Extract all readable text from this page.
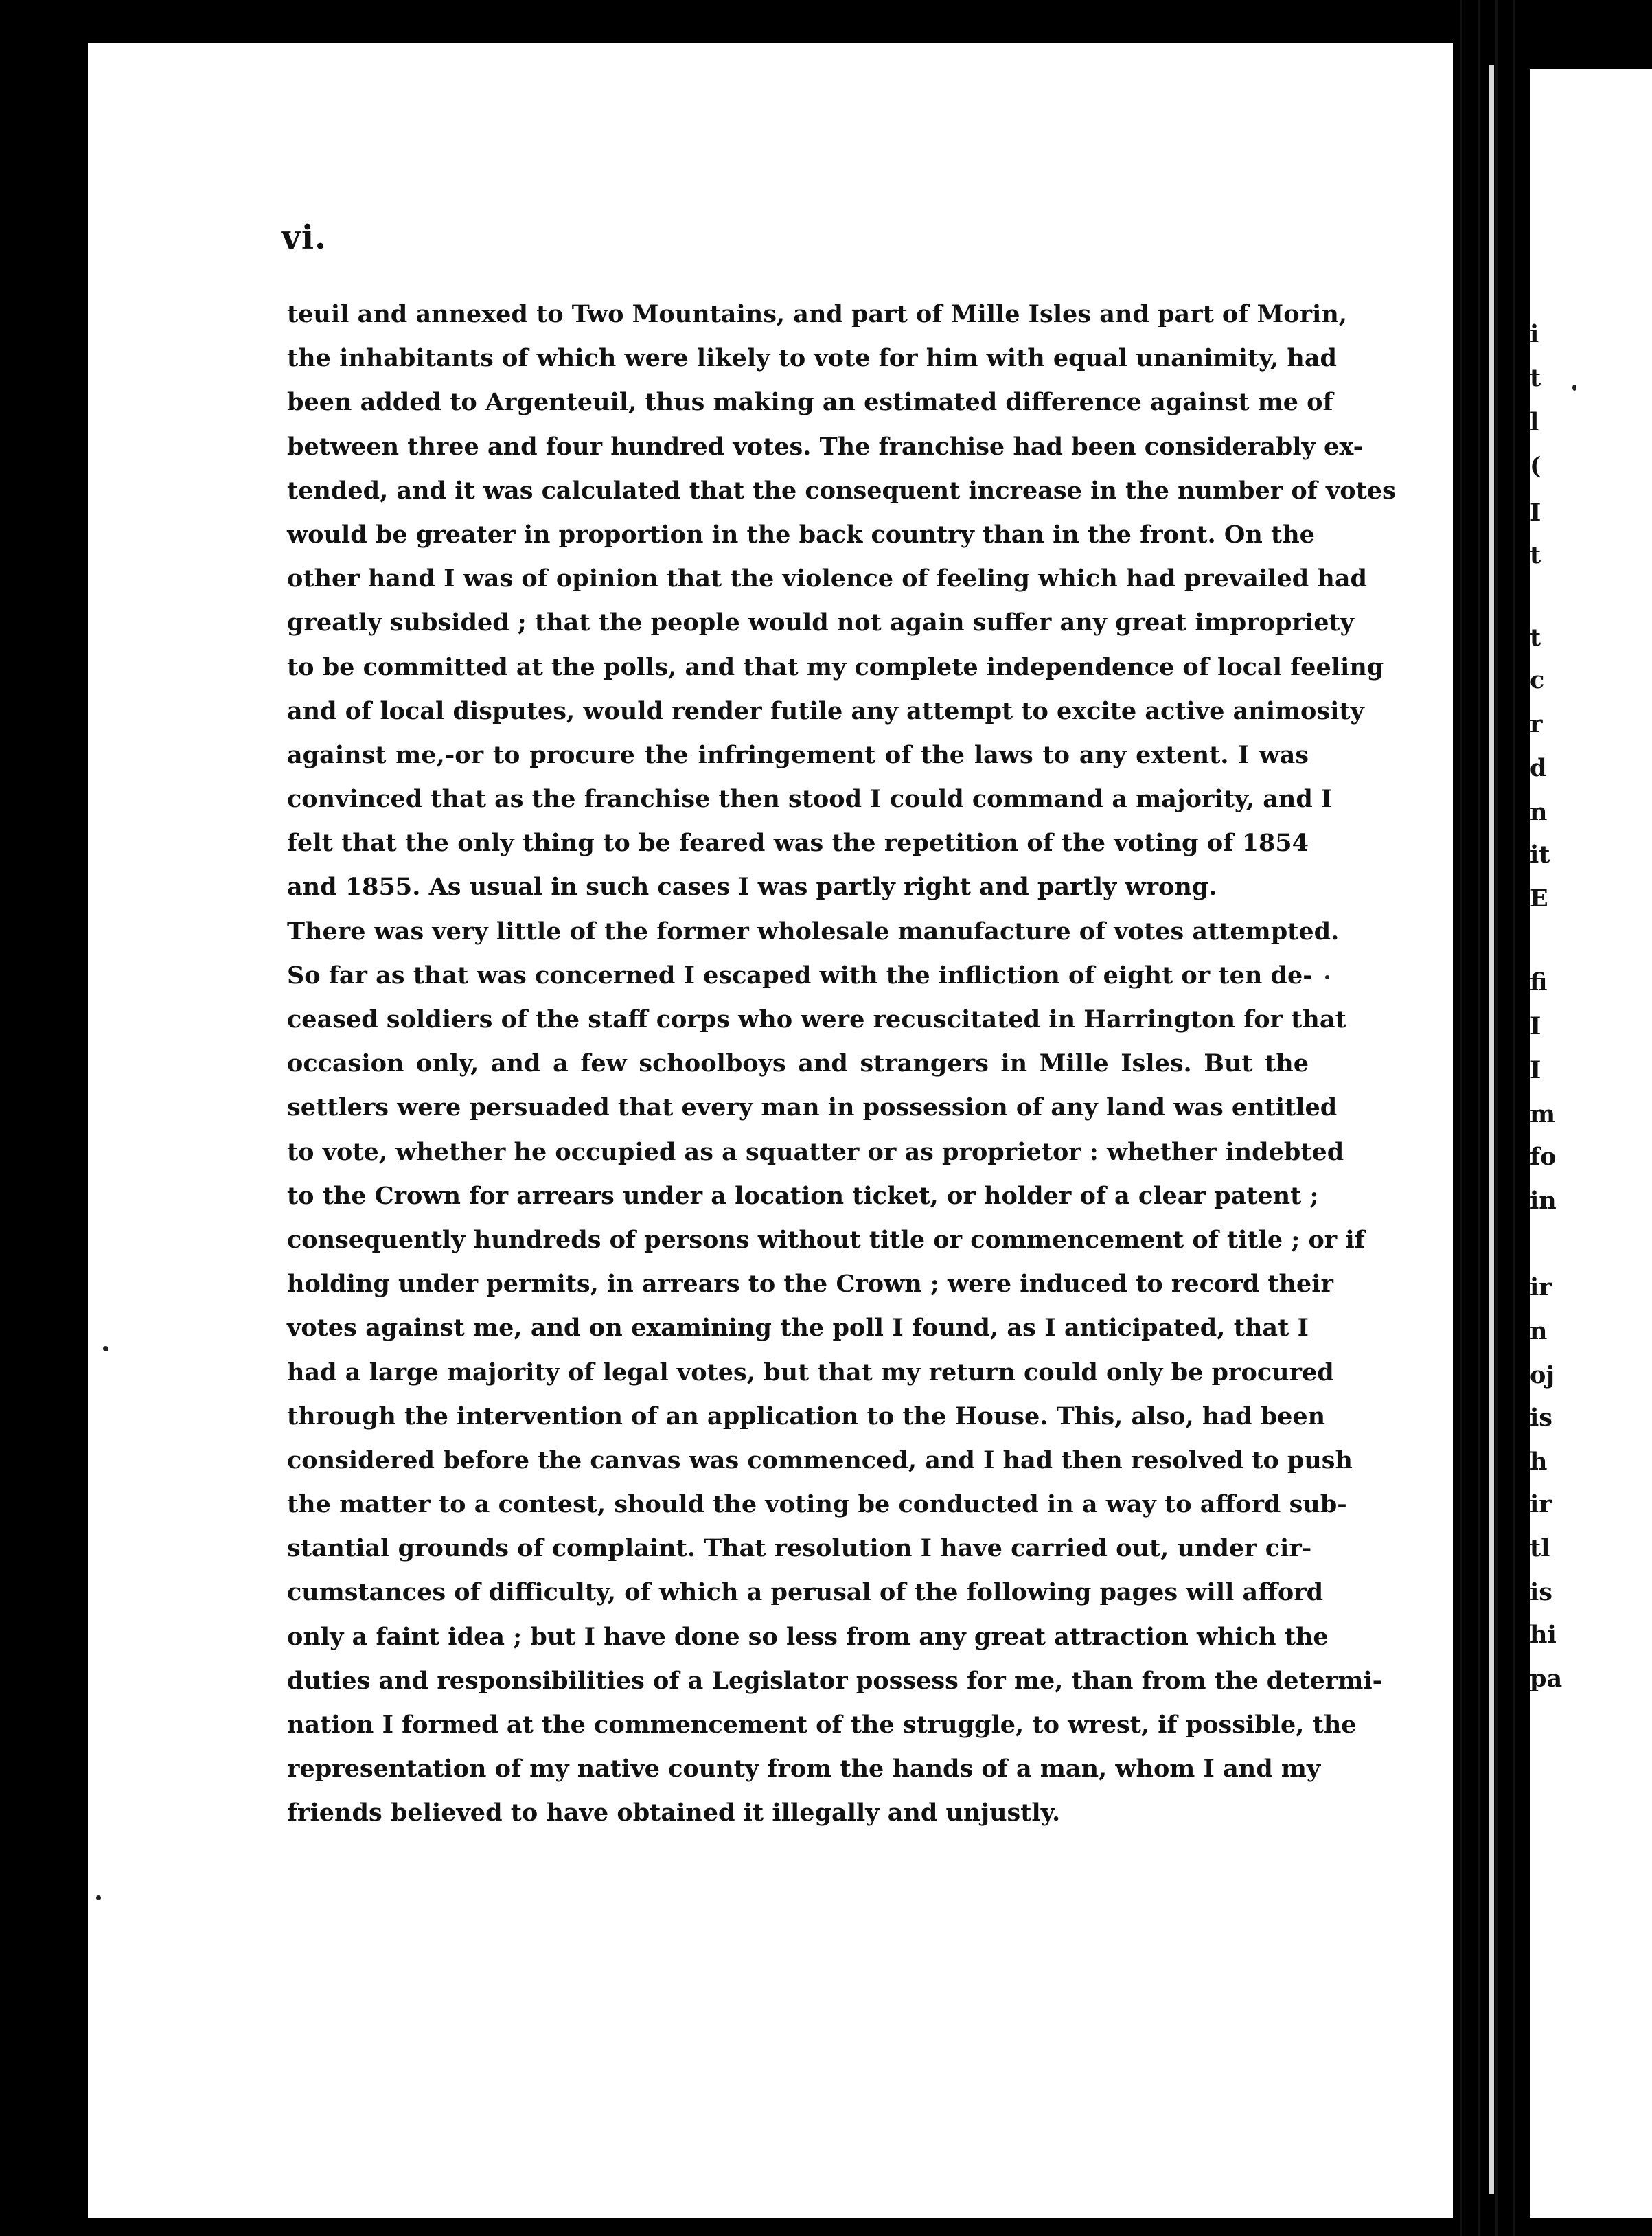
i
t
l
(
I
t
t
c
r
d
n
it
E
fi
I
I
m
fo
in
ir
n
oj
is
h
ir
tl
is
hi
pa
vi.
teuil and annexed to Two Mountains, and part of Mille Isles and part of Morin,
the inhabitants of which were likely to vote for him with equal unanimity, had
been added to Argenteuil, thus making an estimated difference against me of
between three and four hundred votes. The franchise had been considerably ex-
tended, and it was calculated that the consequent increase in the number of votes
would be greater in proportion in the back country than in the front. On the
other hand I was of opinion that the violence of feeling which had prevailed had
greatly subsided ; that the people would not again suffer any great impropriety
to be committed at the polls, and that my complete independence of local feeling
and of local disputes, would render futile any attempt to excite active animosity
against me,-or to procure the infringement of the laws to any extent. I was
convinced that as the franchise then stood I could command a majority, and I
felt that the only thing to be feared was the repetition of the voting of 1854
and 1855. As usual in such cases I was partly right and partly wrong.
There was very little of the former wholesale manufacture of votes attempted.
So far as that was concerned I escaped with the infliction of eight or ten de-
ceased soldiers of the staff corps who were recuscitated in Harrington for that
occasion only, and a few schoolboys and strangers in Mille Isles. But the
settlers were persuaded that every man in possession of any land was entitled
to vote, whether he occupied as a squatter or as proprietor : whether indebted
to the Crown for arrears under a location ticket, or holder of a clear patent ;
consequently hundreds of persons without title or commencement of title ; or if
holding under permits, in arrears to the Crown ; were induced to record their
votes against me, and on examining the poll I found, as I anticipated, that I
had a large majority of legal votes, but that my return could only be procured
through the intervention of an application to the House. This, also, had been
considered before the canvas was commenced, and I had then resolved to push
the matter to a contest, should the voting be conducted in a way to afford sub-
stantial grounds of complaint. That resolution I have carried out, under cir-
cumstances of difficulty, of which a perusal of the following pages will afford
only a faint idea ; but I have done so less from any great attraction which the
duties and responsibilities of a Legislator possess for me, than from the determi-
nation I formed at the commencement of the struggle, to wrest, if possible, the
representation of my native county from the hands of a man, whom I and my
friends believed to have obtained it illegally and unjustly.
